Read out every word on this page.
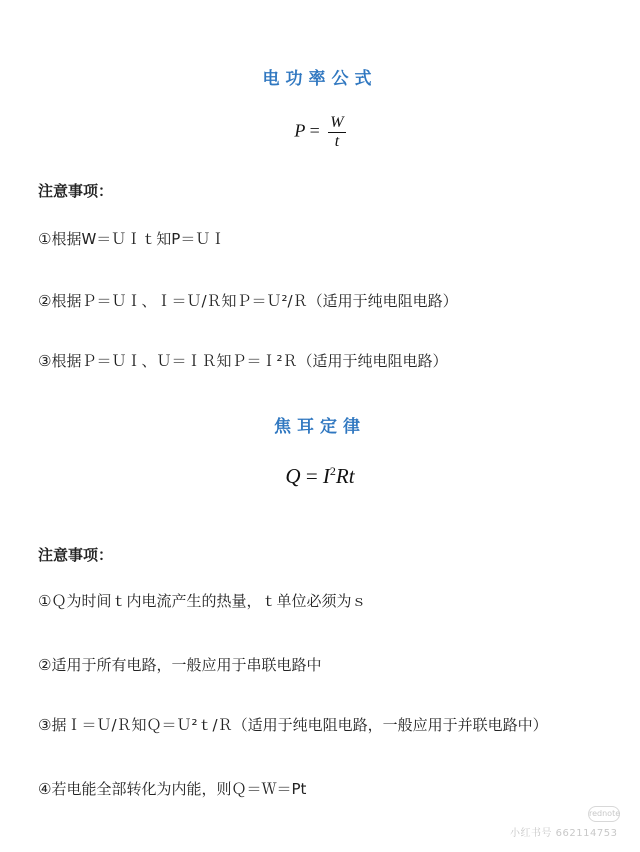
电功率公式
$P = \frac{W}{t}$
注意事项：
①根据W＝ＵＩｔ知P＝ＵＩ
②根据Ｐ＝ＵＩ、Ｉ＝Ｕ/Ｒ知Ｐ＝Ｕ²/Ｒ（适用于纯电阻电路）
③根据Ｐ＝ＵＩ、Ｕ＝ＩＲ知Ｐ＝Ｉ²Ｒ（适用于纯电阻电路）
焦耳定律
$Q = I^2Rt$
注意事项：
①Ｑ为时间ｔ内电流产生的热量，ｔ单位必须为ｓ
②适用于所有电路，一般应用于串联电路中
③据Ｉ＝Ｕ/Ｒ知Ｑ＝Ｕ²ｔ/Ｒ（适用于纯电阻电路，一般应用于并联电路中）
④若电能全部转化为内能，则Ｑ＝Ｗ＝Pt
rednote
小红书号 662114753
